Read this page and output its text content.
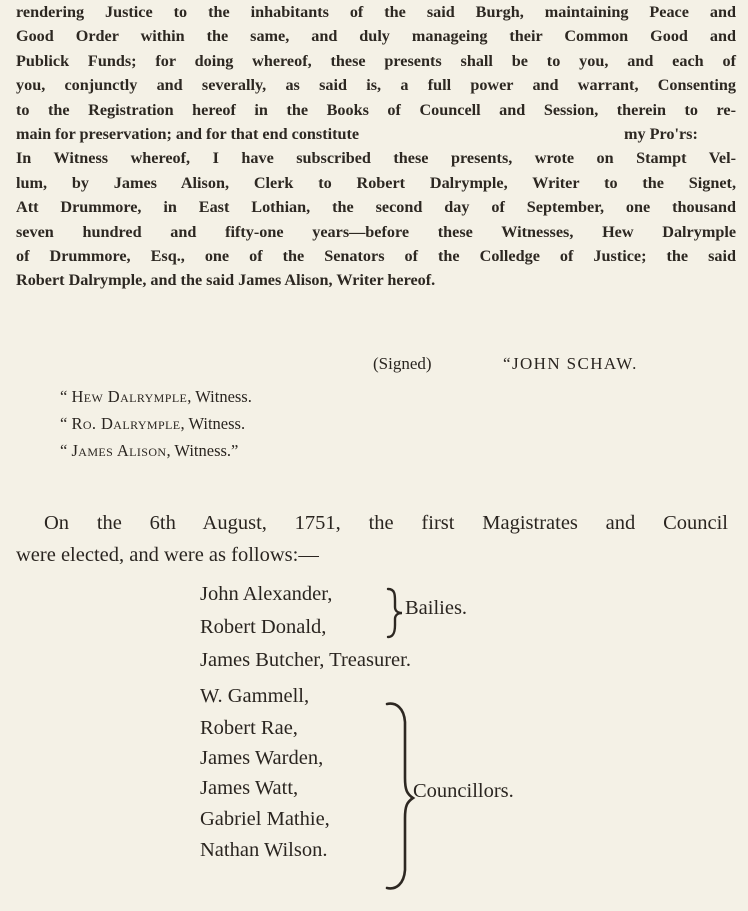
rendering Justice to the inhabitants of the said Burgh, maintaining Peace and
Good Order within the same, and duly manageing their Common Good and
Publick Funds; for doing whereof, these presents shall be to you, and each of
you, conjunctly and severally, as said is, a full power and warrant, Consenting
to the Registration hereof in the Books of Councell and Session, therein to re-
main for preservation; and for that end constitute	my Pro'rs:
In Witness whereof, I have subscribed these presents, wrote on Stampt Vel-
lum, by James Alison, Clerk to Robert Dalrymple, Writer to the Signet,
Att Drummore, in East Lothian, the second day of September, one thousand
seven hundred and fifty-one years—before these Witnesses, Hew Dalrymple
of Drummore, Esq., one of the Senators of the Colledge of Justice; the said
Robert Dalrymple, and the said James Alison, Writer hereof.
(Signed)	“JOHN SCHAW.
“ Hew Dalrymple, Witness.
“ Ro. Dalrymple, Witness.
“ James Alison, Witness.”
On the 6th August, 1751, the first Magistrates and Council
were elected, and were as follows:—
John Alexander,
Robert Donald,
James Butcher, Treasurer.
W. Gammell,
Robert Rae,
James Warden,
James Watt,
Gabriel Mathie,
Nathan Wilson.
Bailies.
Councillors.
